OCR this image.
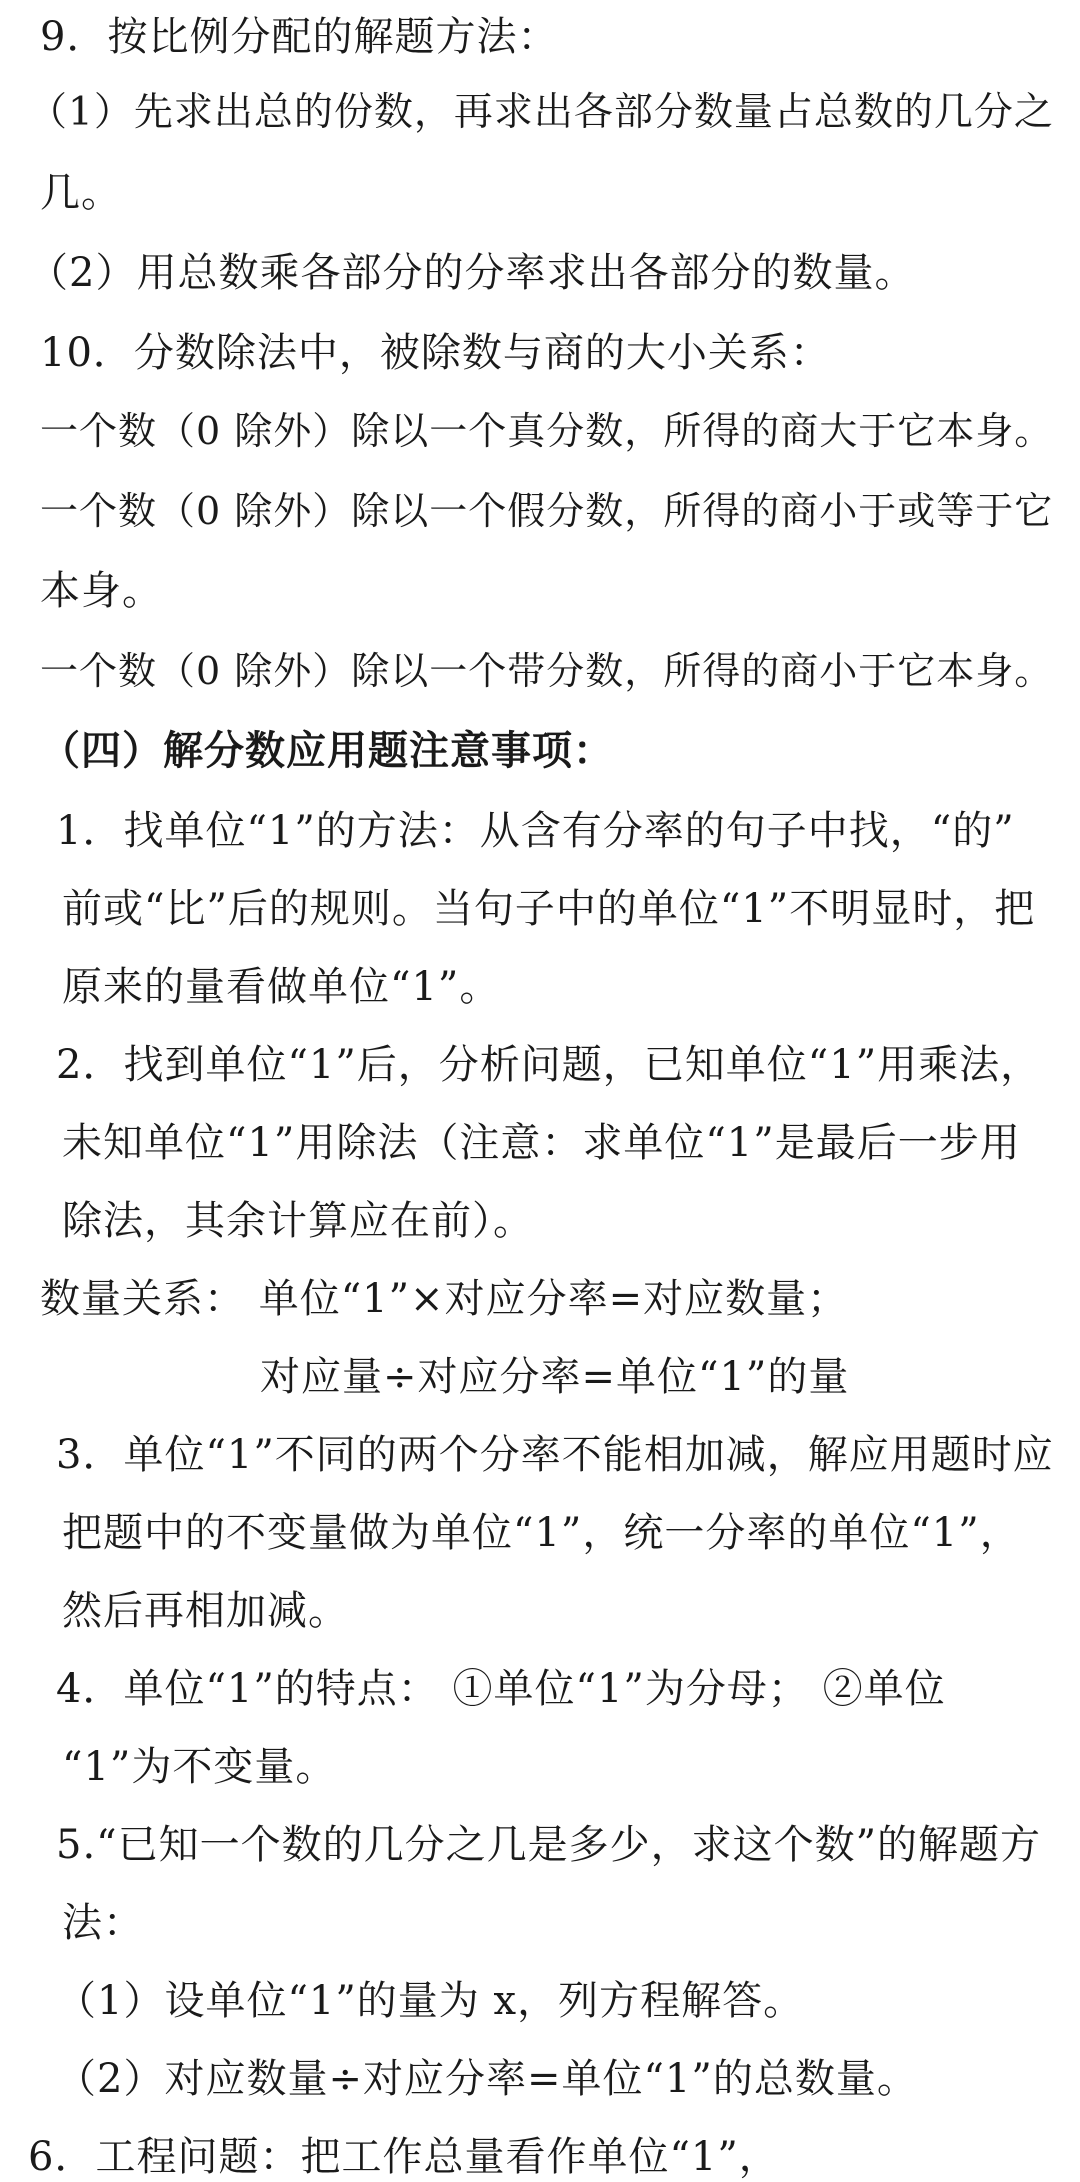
9．按比例分配的解题方法：
（1）先求出总的份数，再求出各部分数量占总数的几分之
几。
（2）用总数乘各部分的分率求出各部分的数量。
10．分数除法中，被除数与商的大小关系：
一个数（0 除外）除以一个真分数，所得的商大于它本身。
一个数（0 除外）除以一个假分数，所得的商小于或等于它
本身。
一个数（0 除外）除以一个带分数，所得的商小于它本身。
（四）解分数应用题注意事项：
1．找单位“1”的方法：从含有分率的句子中找，“的”
前或“比”后的规则。当句子中的单位“1”不明显时，把
原来的量看做单位“1”。
2．找到单位“1”后，分析问题，已知单位“1”用乘法，
未知单位“1”用除法（注意：求单位“1”是最后一步用
除法，其余计算应在前）。
数量关系： 单位“1”×对应分率=对应数量；
对应量÷对应分率=单位“1”的量
3．单位“1”不同的两个分率不能相加减，解应用题时应
把题中的不变量做为单位“1”，统一分率的单位“1”，
然后再相加减。
4．单位“1”的特点： ①单位“1”为分母； ②单位
“1”为不变量。
5.“已知一个数的几分之几是多少，求这个数”的解题方
法：
（1）设单位“1”的量为 x，列方程解答。
（2）对应数量÷对应分率=单位“1”的总数量。
6．工程问题：把工作总量看作单位“1”，
